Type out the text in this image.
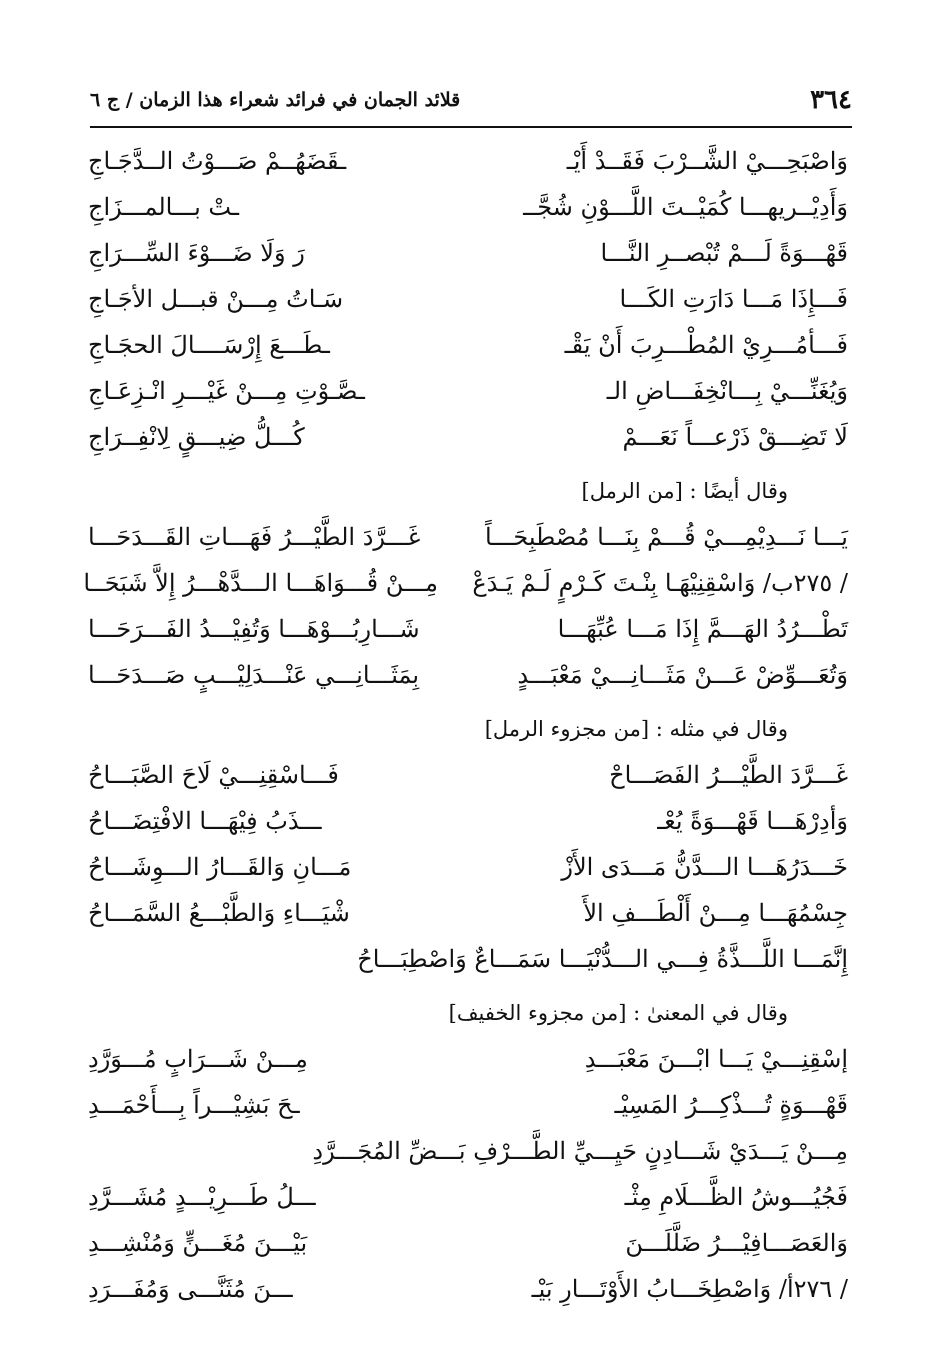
٣٦٤
قلائد الجمان في فرائد شعراء هذا الزمان / ج ٦
وَاصْبَحِـــيْ الشَّــرْبَ فَقَــدْ أَيْـ
ـقَضَهُــمْ صَـــوْتُ الــدَّجَـاجِ
وَأَدِيْــريهـــا كُمَيْــتَ اللَّـــوْنِ شُجَّــ
ـتْ بـــالمـــزَاجِ
قَهْـــوَةً لَـــمْ تُبْصــرِ النَّـــا
رَ وَلَا ضَـــوْءَ السِّـــرَاجِ
فَـــإِذَا مَـــا دَارَتِ الكَـــا
سَـاتُ مِـــنْ قبـــل الأجَـاجِ
فَـــأمُـــرِيْ المُطْـــرِبَ أَنْ يَقْـ
ـطَـــعَ إِرْسَــــالَ الحجَـاجِ
وَيُغَنِّـــيْ بِـــانْخِفَـــاضِ الـ
ـصَّـوْتِ مِـــنْ غَيْـــرِ انْـزِعَـاجِ
لَا تَضِـــقْ ذَرْعـــاً نَعَـــمْ
كُـــلُّ ضِيـــقٍ لِانْفِــرَاجِ
وقال أيضًا : [من الرمل]
يَـــا نَـــدِيْمِـــيْ قُـــمْ بِنَـــا مُصْطَبِحَـــاً
غَـــرَّدَ الطَّيْـــرُ فَهَـــاتِ القَـــدَحَـــا
/ ٢٧٥ب/ وَاسْقِنِيْهَـا بِنْـتَ كَـرْمٍ لَـمْ يَـدَعْ
مِـــنْ قُـــوَاهَـــا الـــدَّهْـــرُ إِلاَّ شَبَحَــا
تَطْـــرُدُ الهَـــمَّ إِذَا مَـــا عُبِّهَـــا
شَـــارِبُـــوْهَـــا وَتُفِيْـــدُ الفَـــرَحَـــا
وَتُعَـــوِّضْ عَـــنْ مَثَـــانِـــيْ مَعْبَـــدٍ
بِمَثَـــانِـــي عَنْـــدَلِيْـــبٍ صَـــدَحَـــا
وقال في مثله : [من مجزوء الرمل]
غَـــرَّدَ الطَّيْـــرُ الفَصَـــاحْ
فَـــاسْقِنِـــيْ لَاحَ الصَّبَـــاحُ
وَأدِرْهَـــا قَهْـــوَةً يُعْـ
ـــذَبُ فِيْهَـــا الافْتِضَـــاحُ
خَـــدَرُهَـــا الـــدَّنُّ مَـــدَى الأَزْ
مَـــانِ وَالقَـــارُ الـــوِشَـــاحُ
جِسْمُهَـــا مِـــنْ أَلْطَـــفِ الأَ
شْيَـــاءِ وَالطَّبْـــعُ السَّمَـــاحُ
إِنَّمَـــا اللَّـــذَّةُ فِـــي الـــدُّنْيَـــا سَمَـــاعٌ وَاصْطِبَـــاحُ
وقال في المعنىٰ : [من مجزوء الخفيف]
إسْقِنِـــيْ يَـــا ابْـــنَ مَعْبَـــدِ
مِـــنْ شَـــرَابٍ مُـــوَرَّدِ
قَهْـــوَةٍ تُـــذْكِـــرُ المَسِيْـ
ـحَ بَشِيْـــراً بِـــأَحْمَـــدِ
مِـــنْ يَـــدَيْ شَـــادِنٍ حَيِـــيِّ الطَّـــرْفِ بَـــضِّ المُجَـــرَّدِ
فَجُيُـــوشُ الظَّـــلَامِ مِثْـ
ـــلُ طَـــرِيْـــدٍ مُشَـــرَّدِ
وَالعَصَـــافِيْـــرُ ضَلَّلَـــنَ
بَيْـــنَ مُغَـــنٍّ وَمُنْشِـــدِ
/ ٢٧٦أ/ وَاصْطِخَـــابُ الأَوْتَـــارِ بَيْـ
ـــنَ مُثَنَّـــى وَمُفَـــرَدِ
